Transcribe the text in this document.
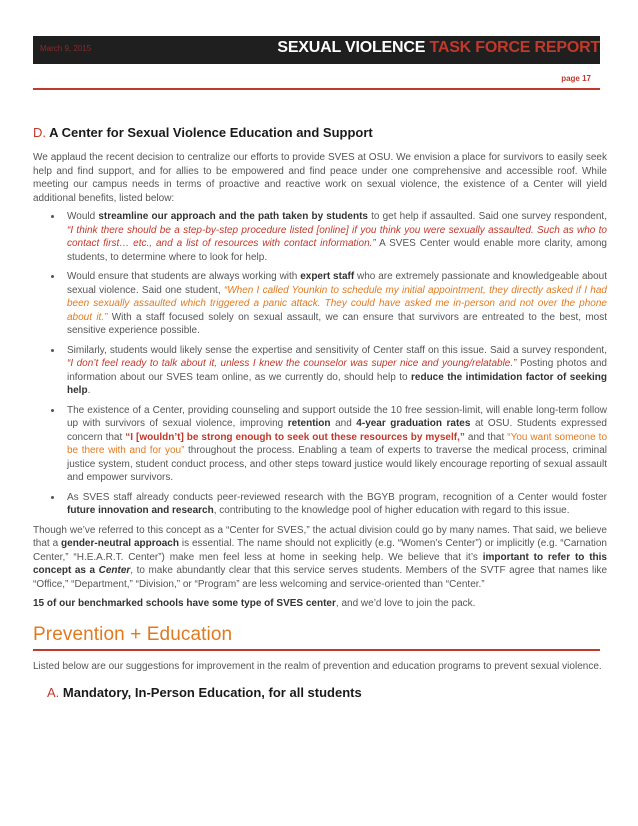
March 9, 2015	SEXUAL VIOLENCE TASK FORCE REPORT
page 17
D. A Center for Sexual Violence Education and Support

We applaud the recent decision to centralize our efforts to provide SVES at OSU. We envision a place for survivors to easily seek help and find support, and for allies to be empowered and find peace under one comprehensive and accessible roof. While meeting our campus needs in terms of proactive and reactive work on sexual violence, the existence of a Center will yield additional benefits, listed below:

• Would streamline our approach and the path taken by students to get help if assaulted. Said one survey respondent, “I think there should be a step-by-step procedure listed [online] if you think you were sexually assaulted. Such as who to contact first… etc., and a list of resources with contact information.” A SVES Center would enable more clarity, among students, to determine where to look for help.
• Would ensure that students are always working with expert staff who are extremely passionate and knowledgeable about sexual violence. Said one student, “When I called Younkin to schedule my initial appointment, they directly asked if I had been sexually assaulted which triggered a panic attack. They could have asked me in-person and not over the phone about it.” With a staff focused solely on sexual assault, we can ensure that survivors are entreated to the best, most sensitive experience possible.
• Similarly, students would likely sense the expertise and sensitivity of Center staff on this issue. Said a survey respondent, “I don’t feel ready to talk about it, unless I knew the counselor was super nice and young/relatable.” Posting photos and information about our SVES team online, as we currently do, should help to reduce the intimidation factor of seeking help.
• The existence of a Center, providing counseling and support outside the 10 free session-limit, will enable long-term follow up with survivors of sexual violence, improving retention and 4-year graduation rates at OSU. Students expressed concern that “I [wouldn’t] be strong enough to seek out these resources by myself,” and that “You want someone to be there with and for you” throughout the process. Enabling a team of experts to traverse the medical process, criminal justice system, student conduct process, and other steps toward justice would likely encourage reporting of sexual assault and empower survivors.
• As SVES staff already conducts peer-reviewed research with the BGYB program, recognition of a Center would foster future innovation and research, contributing to the knowledge pool of higher education with regard to this issue.

Though we’ve referred to this concept as a “Center for SVES,” the actual division could go by many names. That said, we believe that a gender-neutral approach is essential. The name should not explicitly (e.g. “Women’s Center”) or implicitly (e.g. “Carnation Center,” “H.E.A.R.T. Center”) make men feel less at home in seeking help. We believe that it’s important to refer to this concept as a Center, to make abundantly clear that this service serves students. Members of the SVTF agree that names like “Office,” “Department,” “Division,” or “Program” are less welcoming and service-oriented than “Center.”

15 of our benchmarked schools have some type of SVES center, and we’d love to join the pack.

Prevention + Education

Listed below are our suggestions for improvement in the realm of prevention and education programs to prevent sexual violence.

A. Mandatory, In-Person Education, for all students
